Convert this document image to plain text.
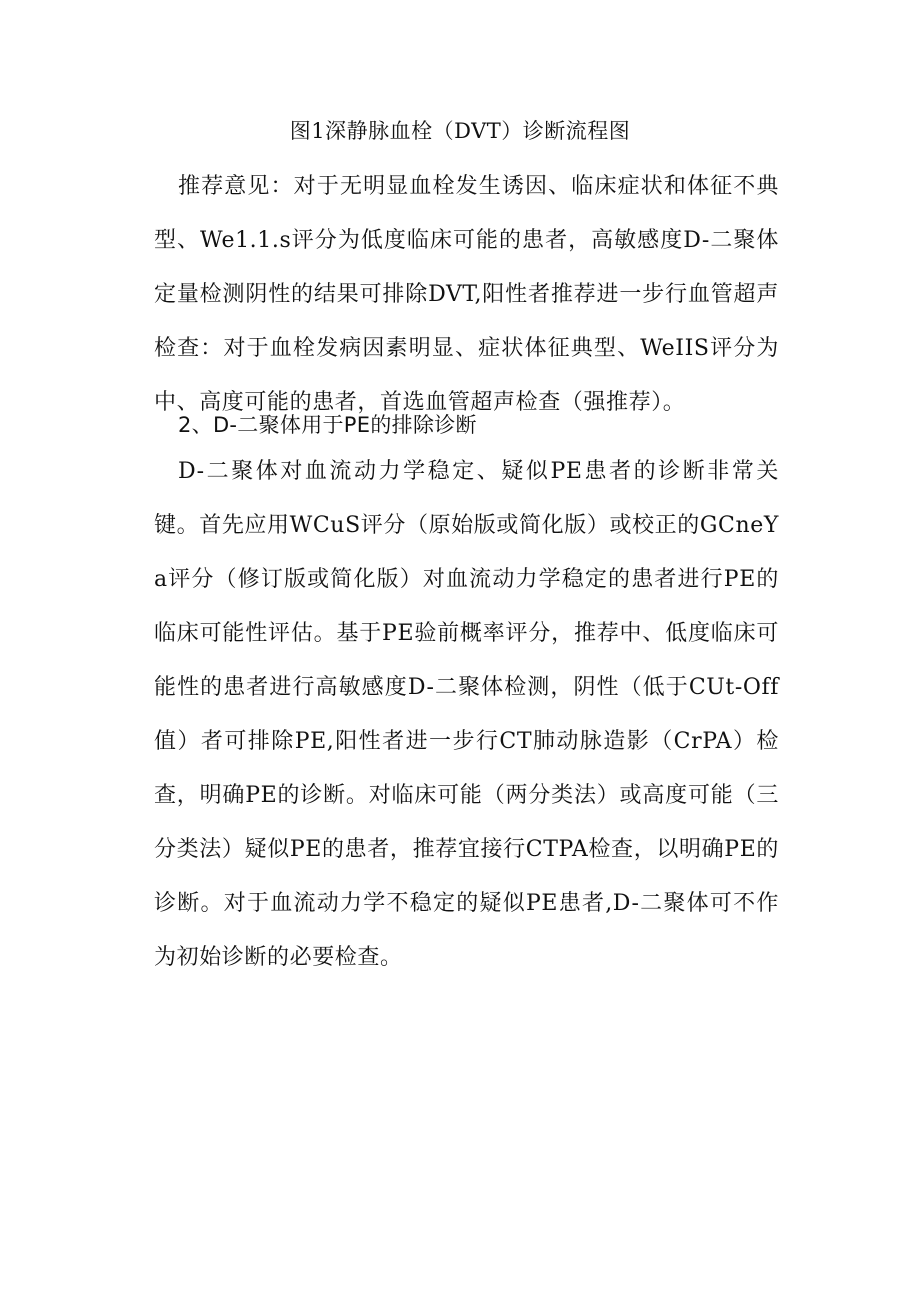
图1深静脉血栓（DVT）诊断流程图
推荐意见：对于无明显血栓发生诱因、临床症状和体征不典型、We1.1.s评分为低度临床可能的患者，高敏感度D-二聚体定量检测阴性的结果可排除DVT,阳性者推荐进一步行血管超声检查：对于血栓发病因素明显、症状体征典型、WeIIS评分为中、高度可能的患者，首选血管超声检查（强推荐）。
2、D-二聚体用于PE的排除诊断
D-二聚体对血流动力学稳定、疑似PE患者的诊断非常关键。首先应用WCuS评分（原始版或简化版）或校正的GCneYa评分（修订版或简化版）对血流动力学稳定的患者进行PE的临床可能性评估。基于PE验前概率评分，推荐中、低度临床可能性的患者进行高敏感度D-二聚体检测，阴性（低于CUt-Off值）者可排除PE,阳性者进一步行CT肺动脉造影（CrPA）检查，明确PE的诊断。对临床可能（两分类法）或高度可能（三分类法）疑似PE的患者，推荐宜接行CTPA检查，以明确PE的诊断。对于血流动力学不稳定的疑似PE患者,D-二聚体可不作为初始诊断的必要检查。
